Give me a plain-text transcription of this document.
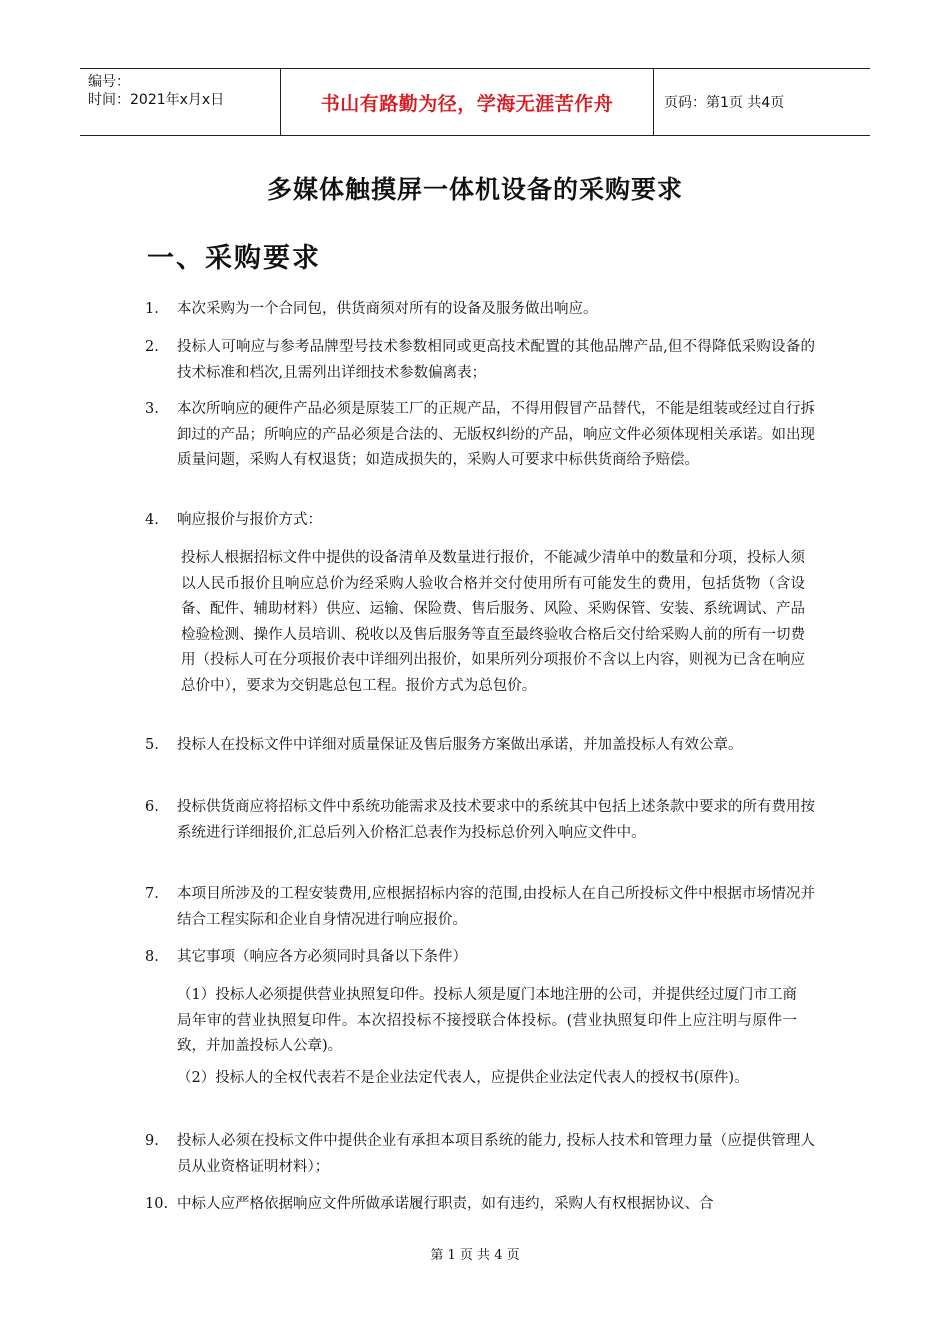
编号：
时间：2021年x月x日	书山有路勤为径，学海无涯苦作舟	页码：第1页 共4页
多媒体触摸屏一体机设备的采购要求
一、采购要求
1.	本次采购为一个合同包，供货商须对所有的设备及服务做出响应。
2.	投标人可响应与参考品牌型号技术参数相同或更高技术配置的其他品牌产品,但不得降低采购设备的技术标准和档次,且需列出详细技术参数偏离表；
3.	本次所响应的硬件产品必须是原装工厂的正规产品，不得用假冒产品替代，不能是组装或经过自行拆卸过的产品；所响应的产品必须是合法的、无版权纠纷的产品，响应文件必须体现相关承诺。如出现质量问题，采购人有权退货；如造成损失的，采购人可要求中标供货商给予赔偿。
4.	响应报价与报价方式：
投标人根据招标文件中提供的设备清单及数量进行报价，不能减少清单中的数量和分项，投标人须以人民币报价且响应总价为经采购人验收合格并交付使用所有可能发生的费用，包括货物（含设备、配件、辅助材料）供应、运输、保险费、售后服务、风险、采购保管、安装、系统调试、产品检验检测、操作人员培训、税收以及售后服务等直至最终验收合格后交付给采购人前的所有一切费用（投标人可在分项报价表中详细列出报价，如果所列分项报价不含以上内容，则视为已含在响应总价中），要求为交钥匙总包工程。报价方式为总包价。
5.	投标人在投标文件中详细对质量保证及售后服务方案做出承诺，并加盖投标人有效公章。
6.	投标供货商应将招标文件中系统功能需求及技术要求中的系统其中包括上述条款中要求的所有费用按系统进行详细报价,汇总后列入价格汇总表作为投标总价列入响应文件中。
7.	本项目所涉及的工程安装费用,应根据招标内容的范围,由投标人在自己所投标文件中根据市场情况并结合工程实际和企业自身情况进行响应报价。
8.	其它事项（响应各方必须同时具备以下条件）
（1）投标人必须提供营业执照复印件。投标人须是厦门本地注册的公司，并提供经过厦门市工商局年审的营业执照复印件。本次招投标不接授联合体投标。(营业执照复印件上应注明与原件一致，并加盖投标人公章)。
（2）投标人的全权代表若不是企业法定代表人，应提供企业法定代表人的授权书(原件)。
9.	投标人必须在投标文件中提供企业有承担本项目系统的能力, 投标人技术和管理力量（应提供管理人员从业资格证明材料）；
10. 中标人应严格依据响应文件所做承诺履行职责，如有违约，采购人有权根据协议、合
第 1 页 共 4 页
